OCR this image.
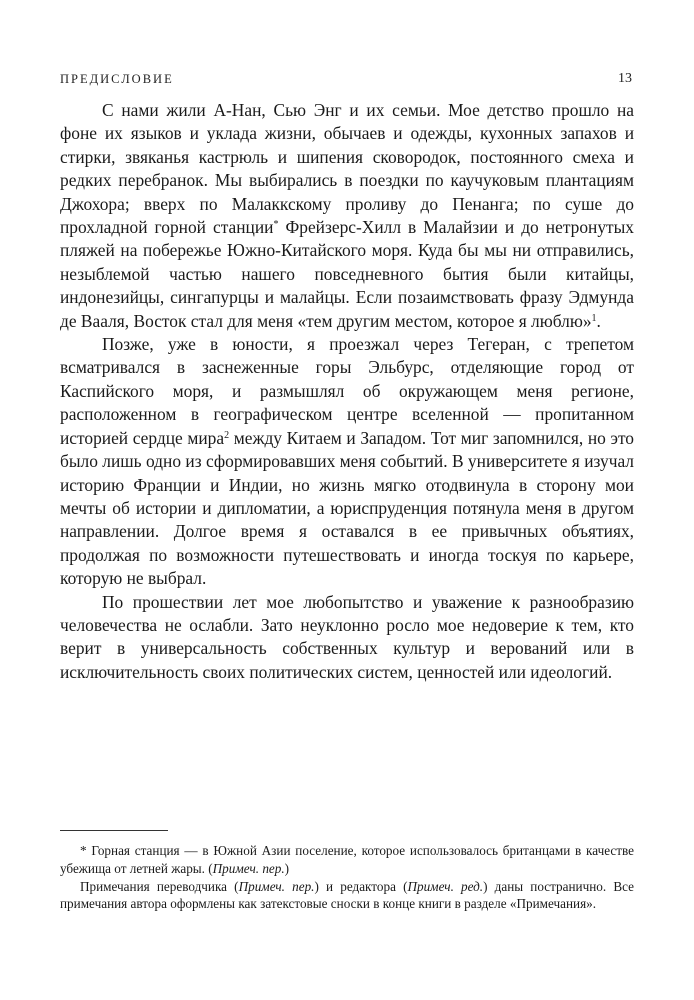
ПРЕДИСЛОВИЕ	13

С нами жили А-Нан, Сью Энг и их семьи. Мое детство прошло на фоне их языков и уклада жизни, обычаев и одежды, кухонных запахов и стирки, звяканья кастрюль и шипения сковородок, постоянного смеха и редких перебранок. Мы выбирались в поездки по каучуковым плантациям Джохора; вверх по Малаккскому проливу до Пенанга; по суше до прохладной горной станции* Фрейзерс-Хилл в Малайзии и до нетронутых пляжей на побережье Южно-Китайского моря. Куда бы мы ни отправились, незыблемой частью нашего повседневного бытия были китайцы, индонезийцы, сингапурцы и малайцы. Если позаимствовать фразу Эдмунда де Вааля, Восток стал для меня «тем другим местом, которое я люблю»$^1$.

Позже, уже в юности, я проезжал через Тегеран, с трепетом всматривался в заснеженные горы Эльбурс, отделяющие город от Каспийского моря, и размышлял об окружающем меня регионе, расположенном в географическом центре вселенной — пропитанном историей сердце мира$^2$ между Китаем и Западом. Тот миг запомнился, но это было лишь одно из сформировавших меня событий. В университете я изучал историю Франции и Индии, но жизнь мягко отодвинула в сторону мои мечты об истории и дипломатии, а юриспруденция потянула меня в другом направлении. Долгое время я оставался в ее привычных объятиях, продолжая по возможности путешествовать и иногда тоскуя по карьере, которую не выбрал.

По прошествии лет мое любопытство и уважение к разнообразию человечества не ослабли. Зато неуклонно росло мое недоверие к тем, кто верит в универсальность собственных культур и верований или в исключительность своих политических систем, ценностей или идеологий.

* Горная станция — в Южной Азии поселение, которое использовалось британцами в качестве убежища от летней жары. (Примеч. пер.)

Примечания переводчика (Примеч. пер.) и редактора (Примеч. ред.) даны постранично. Все примечания автора оформлены как затекстовые сноски в конце книги в разделе «Примечания».
